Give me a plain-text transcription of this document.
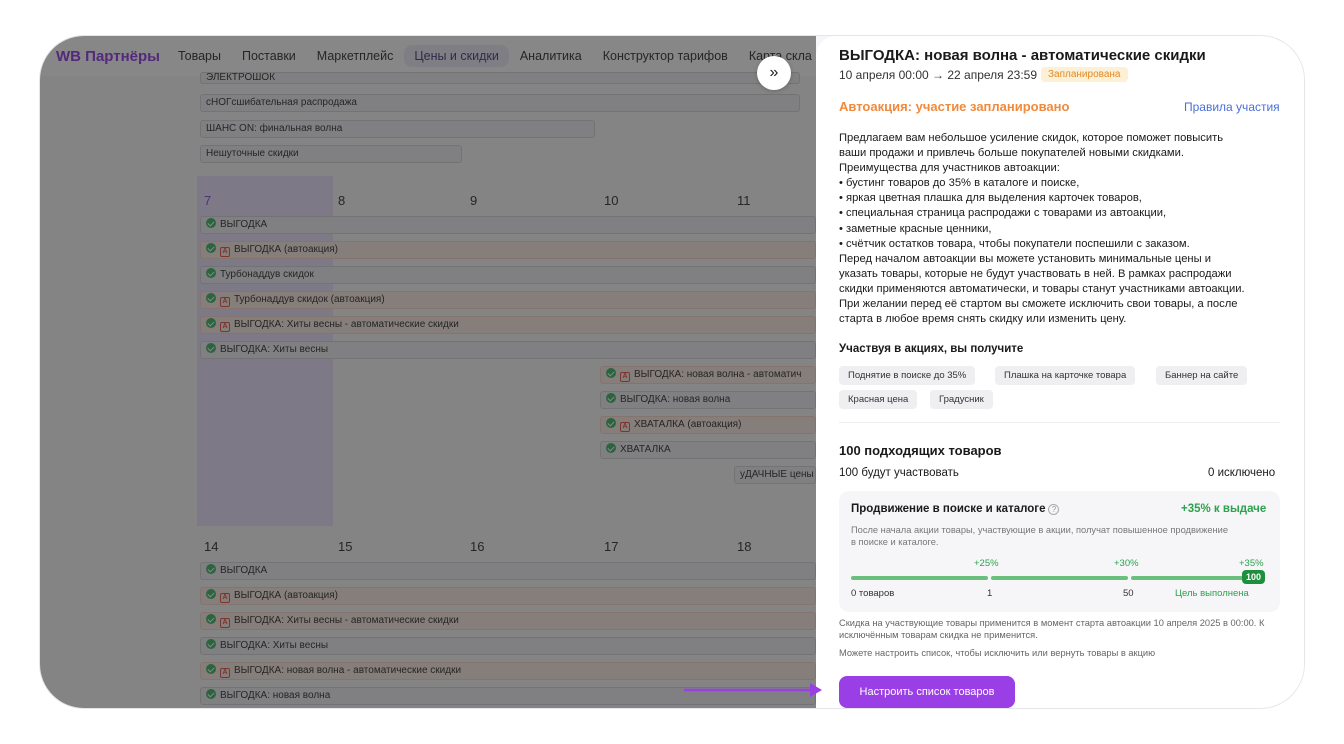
»
ВЫГОДКА: новая волна - автоматические скидки
10 апреля 00:00 → 22 апреля 23:59	Запланирована
Автоакция: участие запланировано	Правила участия
Предлагаем вам небольшое усиление скидок, которое поможет повысить
ваши продажи и привлечь больше покупателей новыми скидками.
Преимущества для участников автоакции:
• бустинг товаров до 35% в каталоге и поиске,
• яркая цветная плашка для выделения карточек товаров,
• специальная страница распродажи с товарами из автоакции,
• заметные красные ценники,
• счётчик остатков товара, чтобы покупатели поспешили с заказом.
Перед началом автоакции вы можете установить минимальные цены и
указать товары, которые не будут участвовать в ней. В рамках распродажи
скидки применяются автоматически, и товары станут участниками автоакции.
При желании перед её стартом вы сможете исключить свои товары, а после
старта в любое время снять скидку или изменить цену.
Участвуя в акциях, вы получите
Поднятие в поиске до 35%	Плашка на карточке товара	Баннер на сайте
Красная цена	Градусник
100 подходящих товаров
100 будут участвовать	0 исключено
Продвижение в поиске и каталоге ?	+35% к выдаче
После начала акции товары, участвующие в акции, получат повышенное продвижение в поиске и каталоге.
+25%	+30%	+35%
100
0 товаров	1	50	Цель выполнена
Скидка на участвующие товары применится в момент старта автоакции 10 апреля 2025 в 00:00. К исключённым товарам скидка не применится.
Можете настроить список, чтобы исключить или вернуть товары в акцию
Настроить список товаров
